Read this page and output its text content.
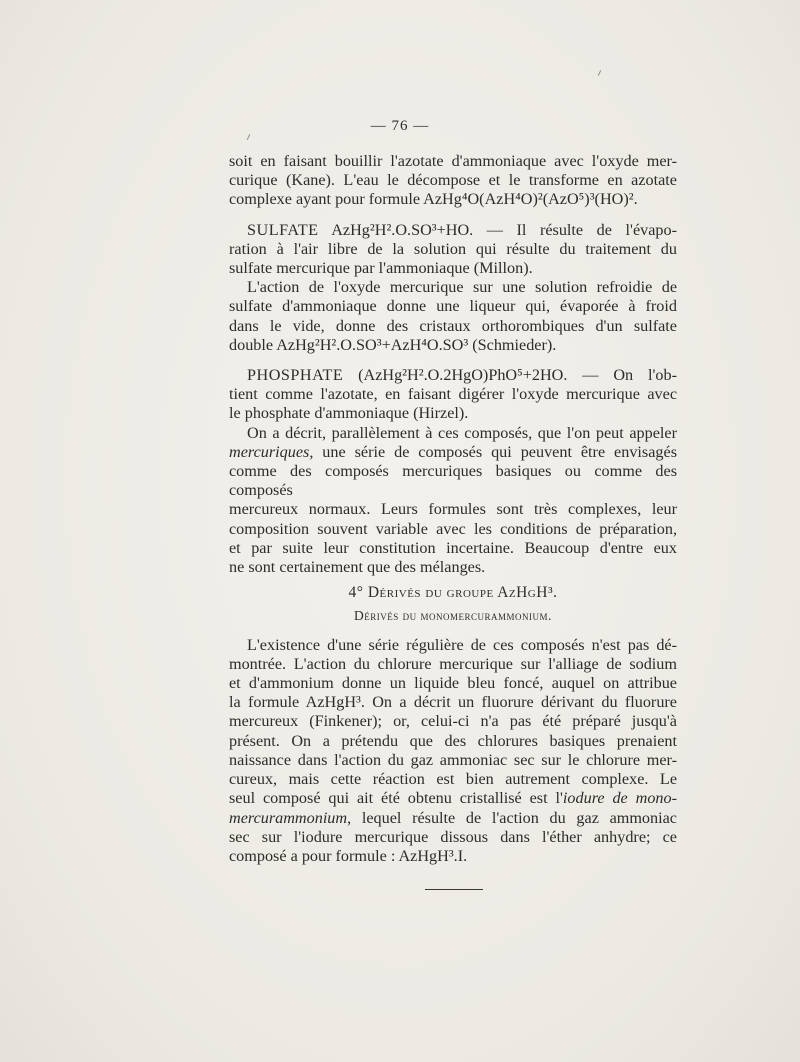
— 76 —

soit en faisant bouillir l'azotate d'ammoniaque avec l'oxyde mer-
curique (Kane). L'eau le décompose et le transforme en azotate
complexe ayant pour formule AzHg⁴O(AzH⁴O)²(AzO⁵)³(HO)².

SULFATE AzHg²H².O.SO³+HO. — Il résulte de l'évapo-
ration à l'air libre de la solution qui résulte du traitement du
sulfate mercurique par l'ammoniaque (Millon).

L'action de l'oxyde mercurique sur une solution refroidie de
sulfate d'ammoniaque donne une liqueur qui, évaporée à froid
dans le vide, donne des cristaux orthorombiques d'un sulfate
double AzHg²H².O.SO³+AzH⁴O.SO³ (Schmieder).

PHOSPHATE (AzHg²H².O.2HgO)PhO⁵+2HO. — On l'ob-
tient comme l'azotate, en faisant digérer l'oxyde mercurique avec
le phosphate d'ammoniaque (Hirzel).

On a décrit, parallèlement à ces composés, que l'on peut appeler
mercuriques, une série de composés qui peuvent être envisagés
comme des composés mercuriques basiques ou comme des composés
mercureux normaux. Leurs formules sont très complexes, leur
composition souvent variable avec les conditions de préparation,
et par suite leur constitution incertaine. Beaucoup d'entre eux
ne sont certainement que des mélanges.

4° Dérivés du groupe AzHgH³.
Dérivés du monomercurammonium.

L'existence d'une série régulière de ces composés n'est pas dé-
montrée. L'action du chlorure mercurique sur l'alliage de sodium
et d'ammonium donne un liquide bleu foncé, auquel on attribue
la formule AzHgH³. On a décrit un fluorure dérivant du fluorure
mercureux (Finkener); or, celui-ci n'a pas été préparé jusqu'à
présent. On a prétendu que des chlorures basiques prenaient
naissance dans l'action du gaz ammoniac sec sur le chlorure mer-
cureux, mais cette réaction est bien autrement complexe. Le
seul composé qui ait été obtenu cristallisé est l'iodure de mono-
mercurammonium, lequel résulte de l'action du gaz ammoniac
sec sur l'iodure mercurique dissous dans l'éther anhydre; ce
composé a pour formule : AzHgH³.I.
